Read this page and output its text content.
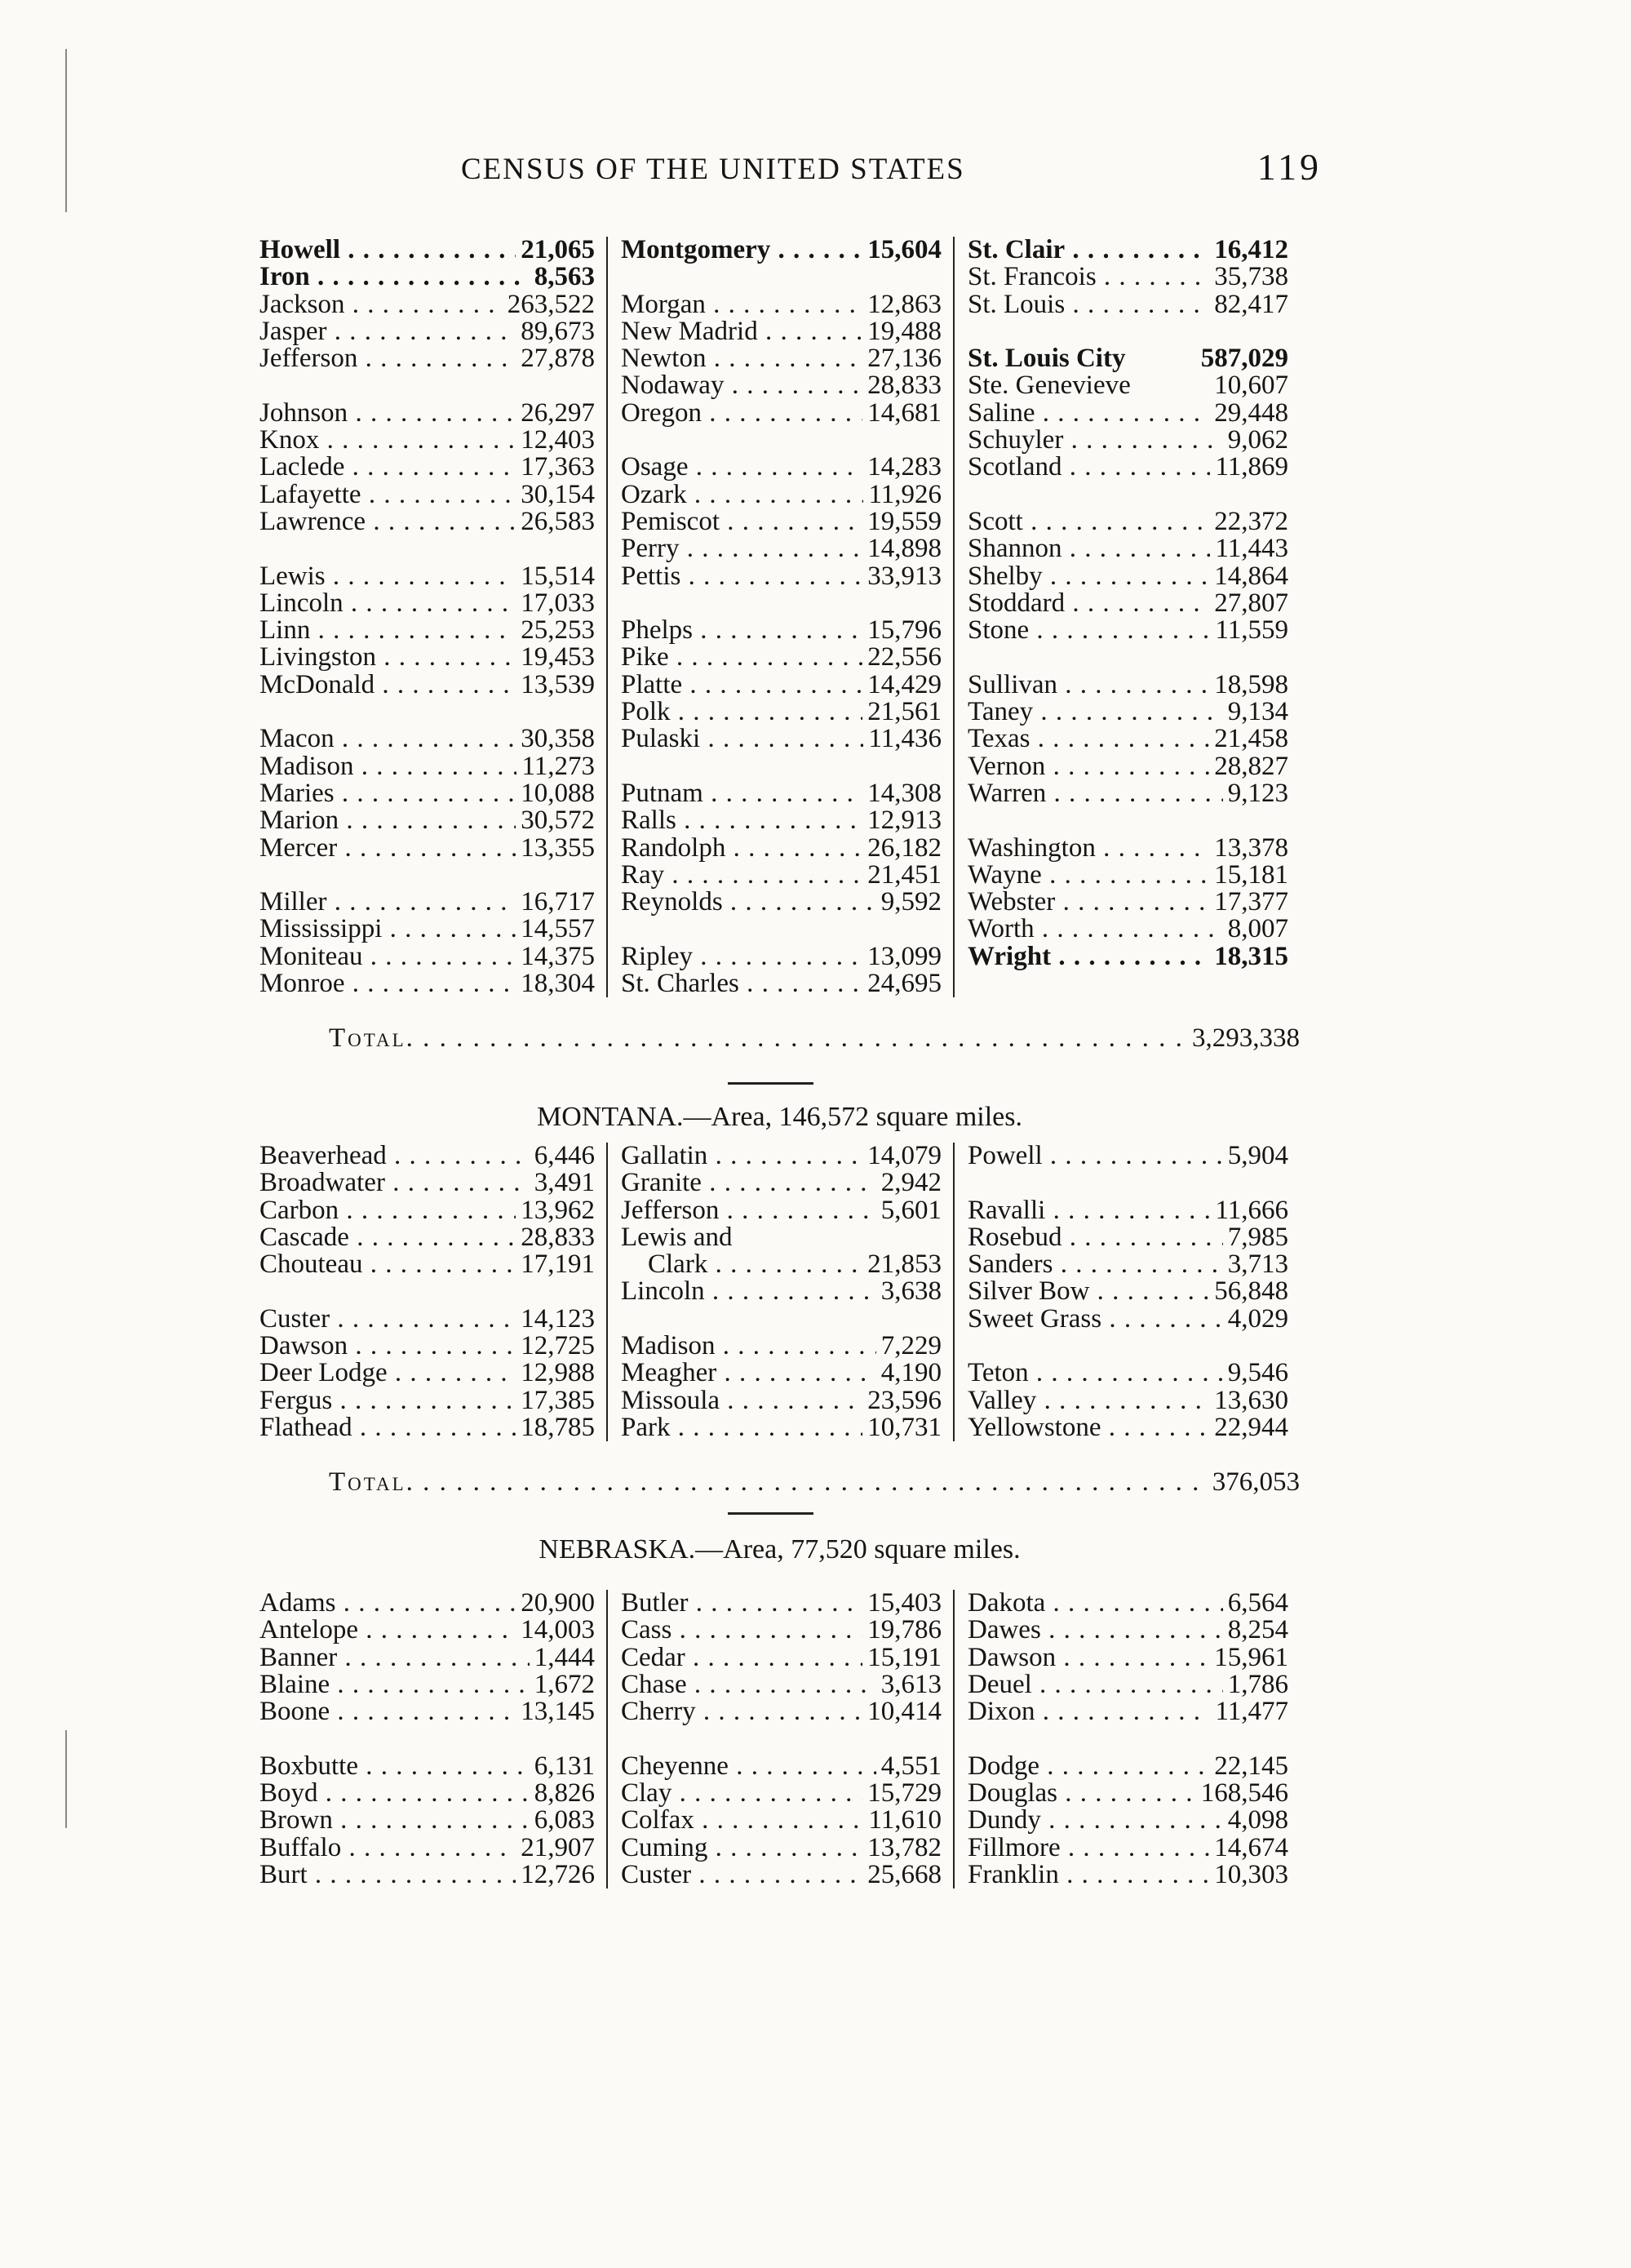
CENSUS OF THE UNITED STATES	119
Howell . . .	21,065
Iron . . .	8,563
Jackson . . .	263,522
Jasper . . .	89,673
Jefferson . . .	27,878
Johnson . . .	26,297
Knox . . .	12,403
Laclede . . .	17,363
Lafayette . . .	30,154
Lawrence . . .	26,583
Lewis . . .	15,514
Lincoln . . .	17,033
Linn . . .	25,253
Livingston . . .	19,453
McDonald . . .	13,539
Macon . . .	30,358
Madison . . .	11,273
Maries . . .	10,088
Marion . . .	30,572
Mercer . . .	13,355
Miller . . .	16,717
Mississippi . . .	14,557
Moniteau . . .	14,375
Monroe . . .	18,304
Montgomery . . .	15,604
Morgan . . .	12,863
New Madrid . . .	19,488
Newton . . .	27,136
Nodaway . . .	28,833
Oregon . . .	14,681
Osage . . .	14,283
Ozark . . .	11,926
Pemiscot . . .	19,559
Perry . . .	14,898
Pettis . . .	33,913
Phelps . . .	15,796
Pike . . .	22,556
Platte . . .	14,429
Polk . . .	21,561
Pulaski . . .	11,436
Putnam . . .	14,308
Ralls . . .	12,913
Randolph . . .	26,182
Ray . . .	21,451
Reynolds . . .	9,592
Ripley . . .	13,099
St. Charles . . .	24,695
St. Clair . . .	16,412
St. Francois . . .	35,738
St. Louis . . .	82,417
St. Louis City	587,029
Ste. Genevieve	10,607
Saline . . .	29,448
Schuyler . . .	9,062
Scotland . . .	11,869
Scott . . .	22,372
Shannon . . .	11,443
Shelby . . .	14,864
Stoddard . . .	27,807
Stone . . .	11,559
Sullivan . . .	18,598
Taney . . .	9,134
Texas . . .	21,458
Vernon . . .	28,827
Warren . . .	9,123
Washington . . .	13,378
Wayne . . .	15,181
Webster . . .	17,377
Worth . . .	8,007
Wright . . .	18,315
Total . . .	3,293,338
MONTANA.—Area, 146,572 square miles.
Beaverhead . . .	6,446
Broadwater . . .	3,491
Carbon . . .	13,962
Cascade . . .	28,833
Chouteau . . .	17,191
Custer . . .	14,123
Dawson . . .	12,725
Deer Lodge . . .	12,988
Fergus . . .	17,385
Flathead . . .	18,785
Gallatin . . .	14,079
Granite . . .	2,942
Jefferson . . .	5,601
Lewis and
Clark . . .	21,853
Lincoln . . .	3,638
Madison . . .	7,229
Meagher . . .	4,190
Missoula . . .	23,596
Park . . .	10,731
Powell . . .	5,904
Ravalli . . .	11,666
Rosebud . . .	7,985
Sanders . . .	3,713
Silver Bow . . .	56,848
Sweet Grass . . .	4,029
Teton . . .	9,546
Valley . . .	13,630
Yellowstone . . .	22,944
Total . . .	376,053
NEBRASKA.—Area, 77,520 square miles.
Adams . . .	20,900
Antelope . . .	14,003
Banner . . .	1,444
Blaine . . .	1,672
Boone . . .	13,145
Boxbutte . . .	6,131
Boyd . . .	8,826
Brown . . .	6,083
Buffalo . . .	21,907
Burt . . .	12,726
Butler . . .	15,403
Cass . . .	19,786
Cedar . . .	15,191
Chase . . .	3,613
Cherry . . .	10,414
Cheyenne . . .	4,551
Clay . . .	15,729
Colfax . . .	11,610
Cuming . . .	13,782
Custer . . .	25,668
Dakota . . .	6,564
Dawes . . .	8,254
Dawson . . .	15,961
Deuel . . .	1,786
Dixon . . .	11,477
Dodge . . .	22,145
Douglas . . .	168,546
Dundy . . .	4,098
Fillmore . . .	14,674
Franklin . . .	10,303
